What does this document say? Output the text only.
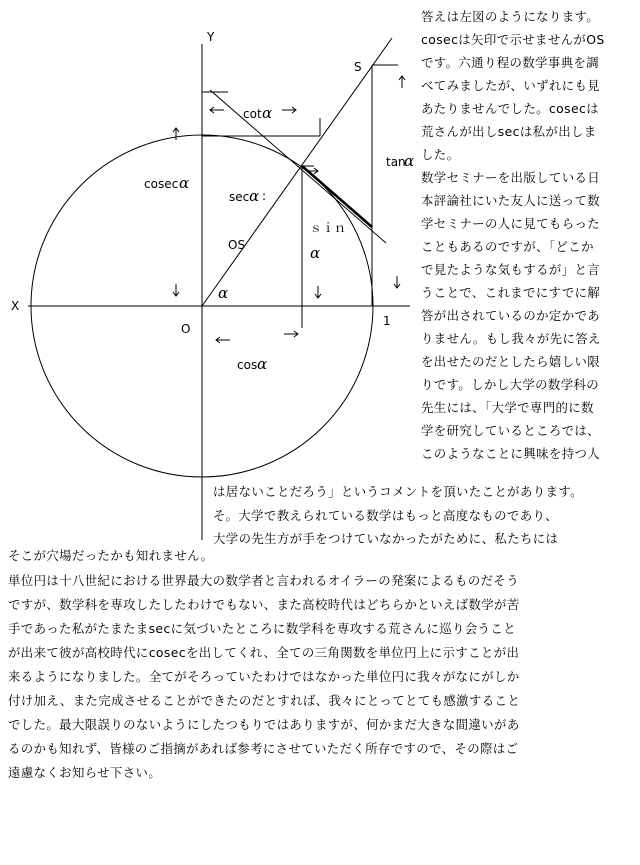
Y
X
O
1
S
cot α
cosec α
sec α :
OS
ｓｉｎ
α
tan
α
α
cos α
答えは左図のようになります。
cosecは矢印で示せませんがOS
です。六通り程の数学事典を調
べてみましたが、いずれにも見
あたりませんでした。cosecは
荒さんが出しsecは私が出しま
した。
数学セミナーを出版している日
本評論社にいた友人に送って数
学セミナーの人に見てもらった
こともあるのですが、「どこか
で見たような気もするが」と言
うことで、これまでにすでに解
答が出されているのか定かであ
りません。もし我々が先に答え
を出せたのだとしたら嬉しい限
りです。しかし大学の数学科の
先生には、「大学で専門的に数
学を研究しているところでは、
このようなことに興味を持つ人
は居ないことだろう」というコメントを頂いたことがあります。
そ。大学で教えられている数学はもっと高度なものであり、
大学の先生方が手をつけていなかったがために、私たちには
そこが穴場だったかも知れません。
単位円は十八世紀における世界最大の数学者と言われるオイラーの発案によるものだそう
ですが、数学科を専攻したしたわけでもない、また高校時代はどちらかといえば数学が苦
手であった私がたまたまsecに気づいたところに数学科を専攻する荒さんに巡り会うこと
が出来て彼が高校時代にcosecを出してくれ、全ての三角関数を単位円上に示すことが出
来るようになりました。全てがそろっていたわけではなかった単位円に我々がなにがしか
付け加え、また完成させることができたのだとすれば、我々にとってとても感激すること
でした。最大限誤りのないようにしたつもりではありますが、何かまだ大きな間違いがあ
るのかも知れず、皆様のご指摘があれば参考にさせていただく所存ですので、その際はご
遠慮なくお知らせ下さい。
